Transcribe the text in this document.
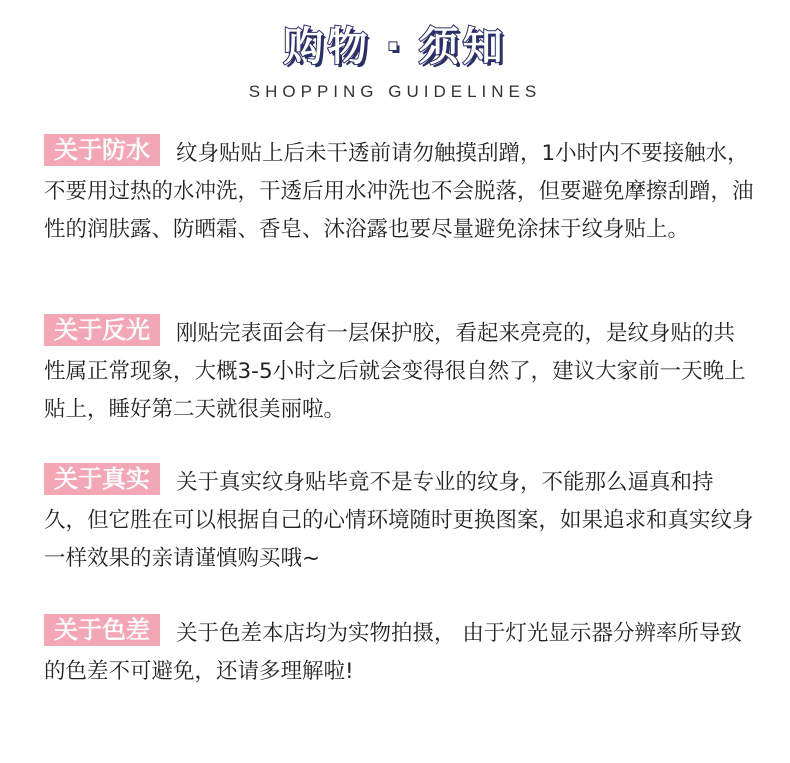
购物 · 须知
SHOPPING GUIDELINES
关于防水 纹身贴贴上后未干透前请勿触摸刮蹭，1小时内不要接触水，不要用过热的水冲洗，干透后用水冲洗也不会脱落，但要避免摩擦刮蹭，油性的润肤露、防晒霜、香皂、沐浴露也要尽量避免涂抹于纹身贴上。
关于反光 刚贴完表面会有一层保护胶，看起来亮亮的，是纹身贴的共性属正常现象，大概3-5小时之后就会变得很自然了，建议大家前一天晚上贴上，睡好第二天就很美丽啦。
关于真实 关于真实纹身贴毕竟不是专业的纹身，不能那么逼真和持久，但它胜在可以根据自己的心情环境随时更换图案，如果追求和真实纹身一样效果的亲请谨慎购买哦~
关于色差 关于色差本店均为实物拍摄， 由于灯光显示器分辨率所导致的色差不可避免，还请多理解啦!
